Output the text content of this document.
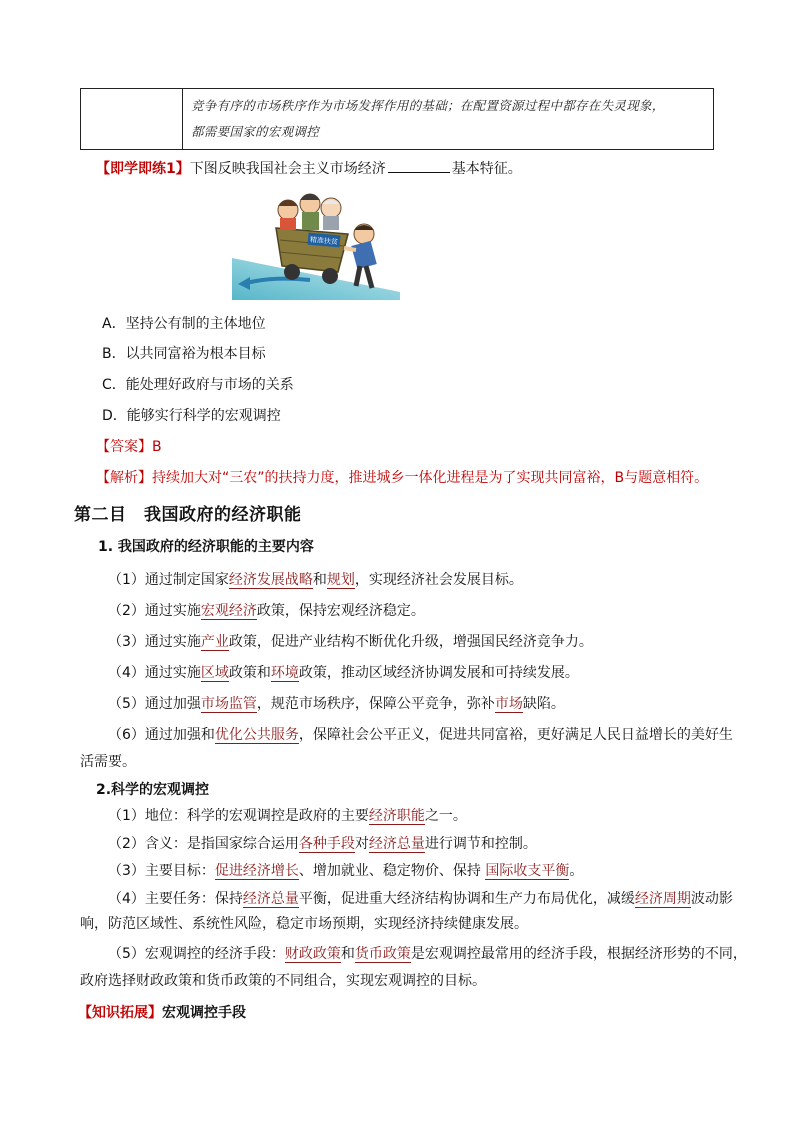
竞争有序的市场秩序作为市场发挥作用的基础；在配置资源过程中都存在失灵现象，
都需要国家的宏观调控
【即学即练1】下图反映我国社会主义市场经济	基本特征。
精准扶贫
A．坚持公有制的主体地位
B．以共同富裕为根本目标
C．能处理好政府与市场的关系
D．能够实行科学的宏观调控
【答案】B
【解析】持续加大对“三农”的扶持力度，推进城乡一体化进程是为了实现共同富裕，B与题意相符。
第二目　我国政府的经济职能
1. 我国政府的经济职能的主要内容
（1）通过制定国家经济发展战略和规划，实现经济社会发展目标。
（2）通过实施宏观经济政策，保持宏观经济稳定。
（3）通过实施产业政策，促进产业结构不断优化升级，增强国民经济竞争力。
（4）通过实施区域政策和环境政策，推动区域经济协调发展和可持续发展。
（5）通过加强市场监管，规范市场秩序，保障公平竞争，弥补市场缺陷。
（6）通过加强和优化公共服务，保障社会公平正义，促进共同富裕，更好满足人民日益增长的美好生
活需要。
2.科学的宏观调控
（1）地位：科学的宏观调控是政府的主要经济职能之一。
（2）含义：是指国家综合运用各种手段对经济总量进行调节和控制。
（3）主要目标：促进经济增长、增加就业、稳定物价、保持 国际收支平衡。
（4）主要任务：保持经济总量平衡，促进重大经济结构协调和生产力布局优化，减缓经济周期波动影
响，防范区域性、系统性风险，稳定市场预期，实现经济持续健康发展。
（5）宏观调控的经济手段：财政政策和货币政策是宏观调控最常用的经济手段，根据经济形势的不同，
政府选择财政政策和货币政策的不同组合，实现宏观调控的目标。
【知识拓展】宏观调控手段
